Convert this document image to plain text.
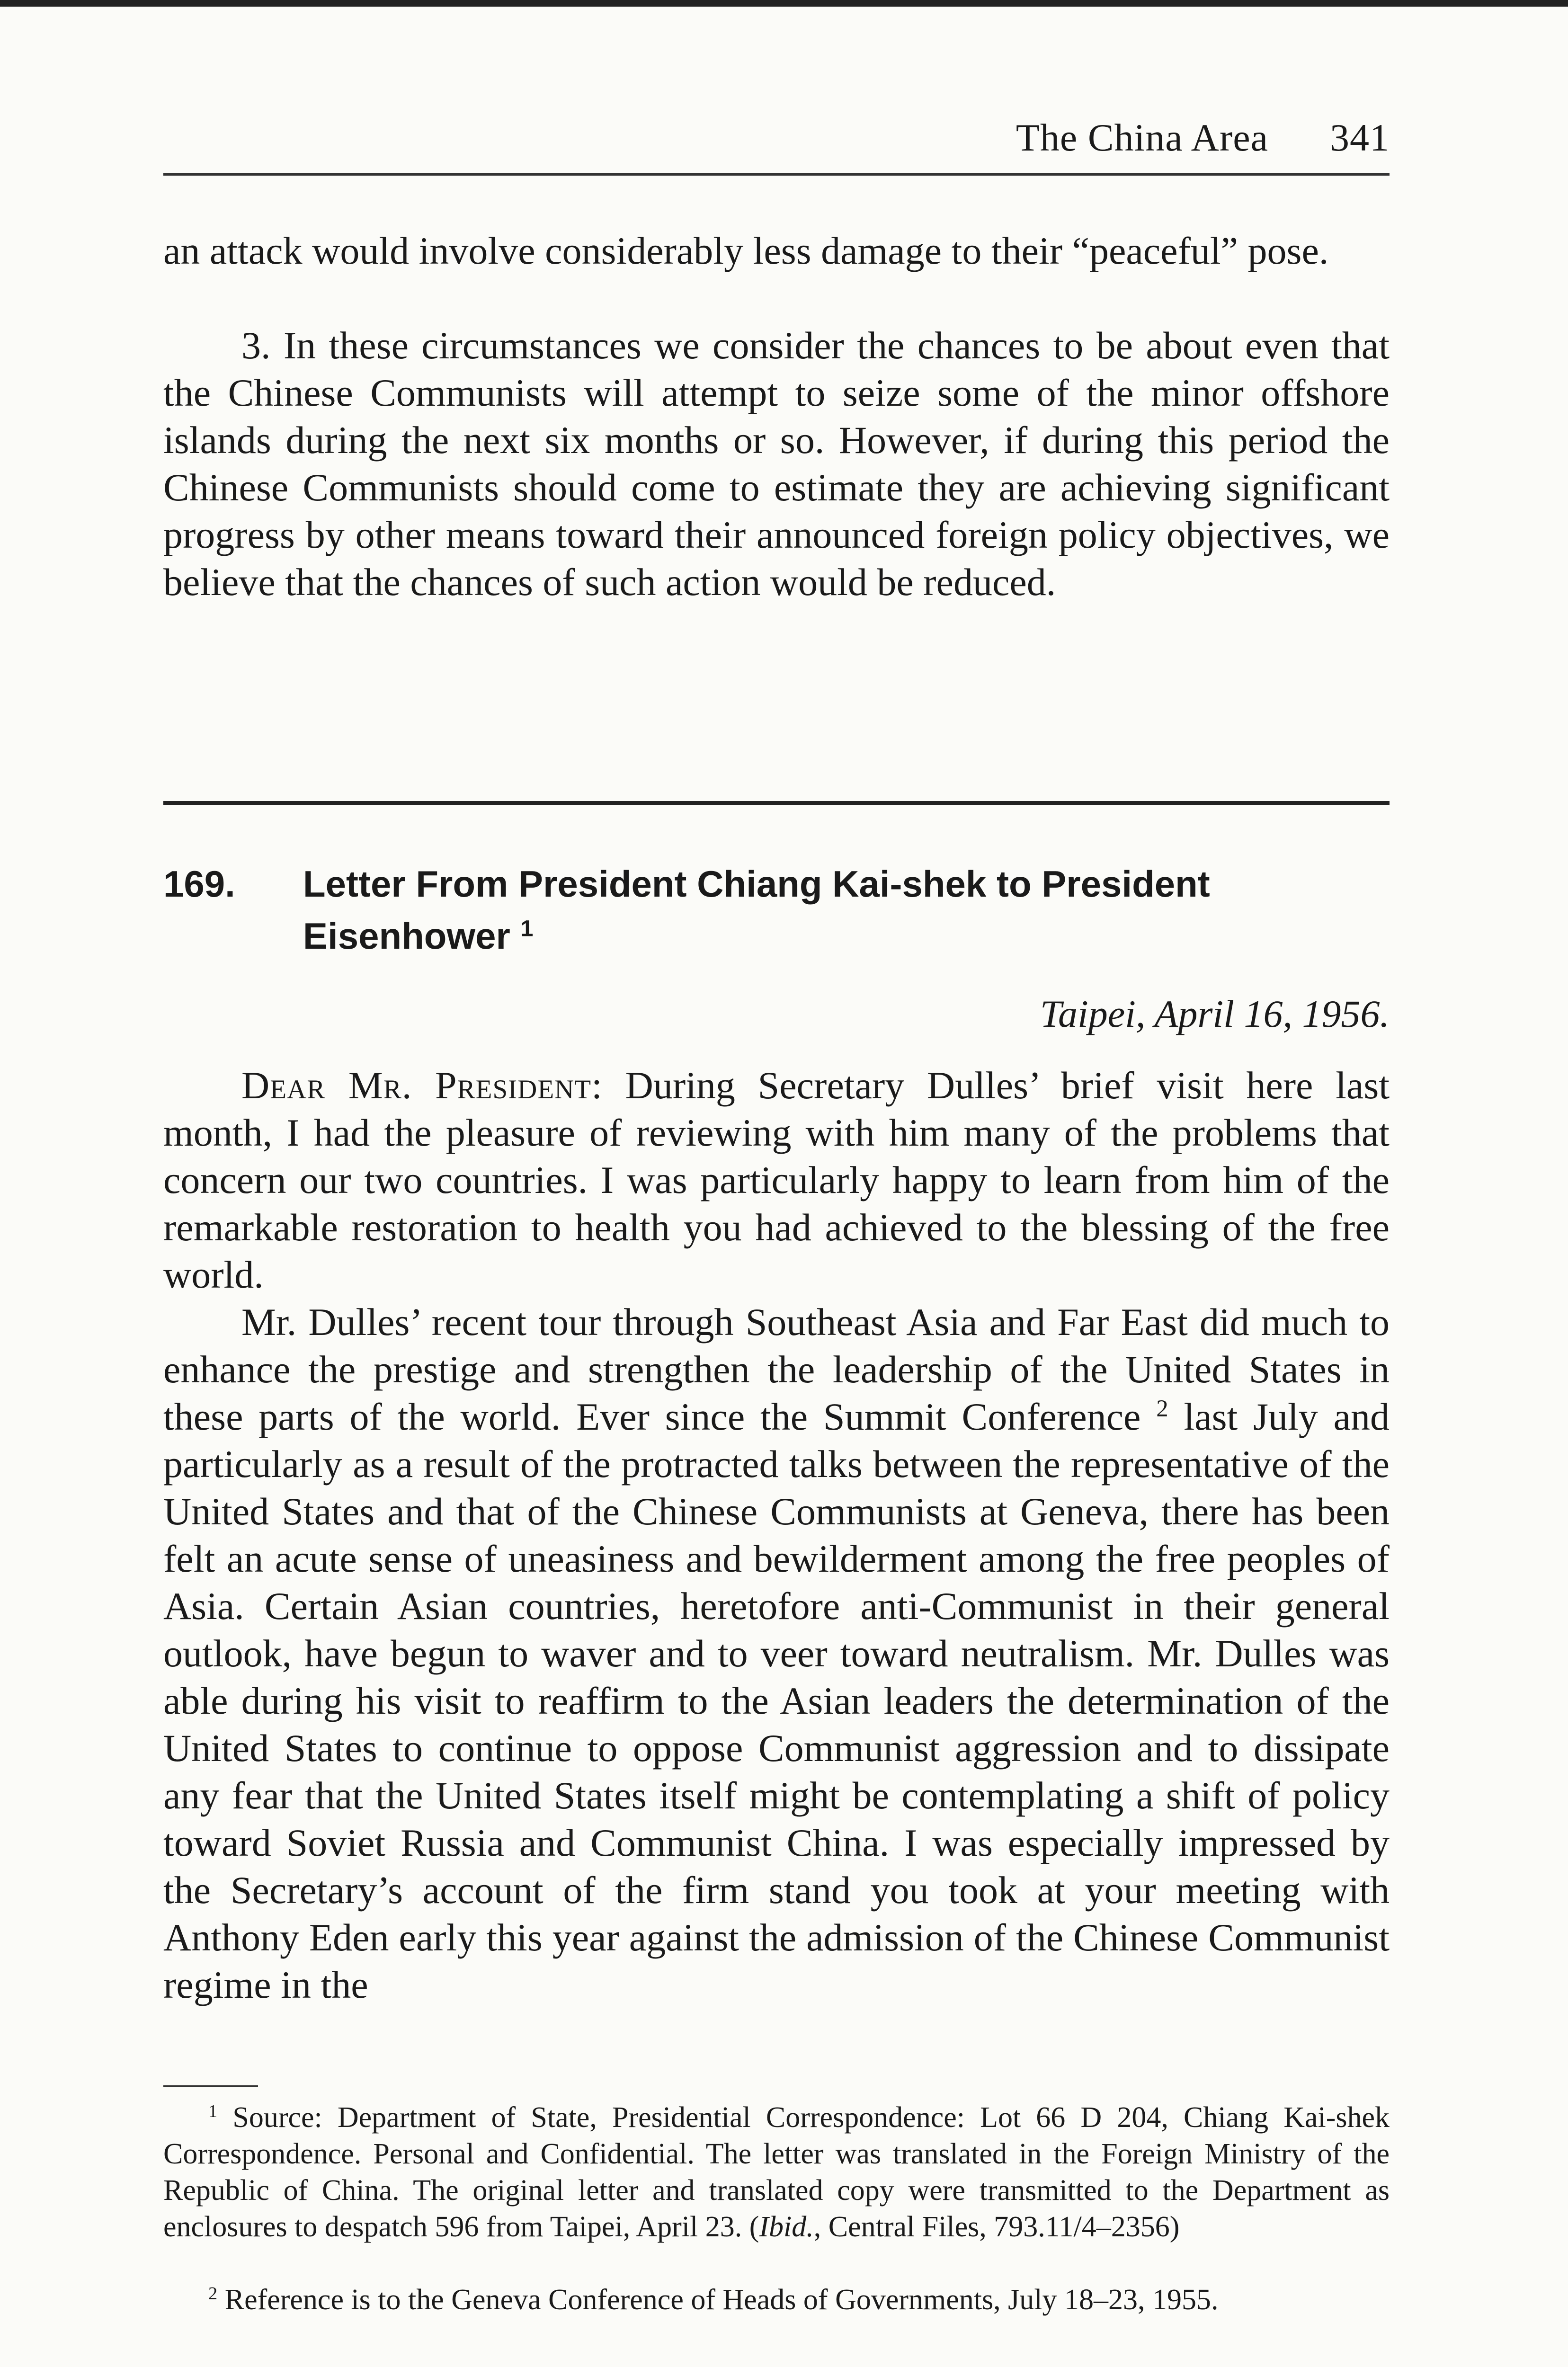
The China Area 341

an attack would involve considerably less damage to their “peaceful” pose.

3. In these circumstances we consider the chances to be about even that the Chinese Communists will attempt to seize some of the minor offshore islands during the next six months or so. However, if during this period the Chinese Communists should come to estimate they are achieving significant progress by other means toward their announced foreign policy objectives, we believe that the chances of such action would be reduced.

169. Letter From President Chiang Kai-shek to President Eisenhower $^1$
Taipei, April 16, 1956.

Dear Mr. President: During Secretary Dulles’ brief visit here last month, I had the pleasure of reviewing with him many of the problems that concern our two countries. I was particularly happy to learn from him of the remarkable restoration to health you had achieved to the blessing of the free world.

Mr. Dulles’ recent tour through Southeast Asia and Far East did much to enhance the prestige and strengthen the leadership of the United States in these parts of the world. Ever since the Summit Conference $^2$ last July and particularly as a result of the protracted talks between the representative of the United States and that of the Chinese Communists at Geneva, there has been felt an acute sense of uneasiness and bewilderment among the free peoples of Asia. Certain Asian countries, heretofore anti-Communist in their general outlook, have begun to waver and to veer toward neutralism. Mr. Dulles was able during his visit to reaffirm to the Asian leaders the determination of the United States to continue to oppose Communist aggression and to dissipate any fear that the United States itself might be contemplating a shift of policy toward Soviet Russia and Communist China. I was especially impressed by the Secretary’s account of the firm stand you took at your meeting with Anthony Eden early this year against the admission of the Chinese Communist regime in the

$^1$ Source: Department of State, Presidential Correspondence: Lot 66 D 204, Chiang Kai-shek Correspondence. Personal and Confidential. The letter was translated in the Foreign Ministry of the Republic of China. The original letter and translated copy were transmitted to the Department as enclosures to despatch 596 from Taipei, April 23. (Ibid., Central Files, 793.11/4–2356)

$^2$ Reference is to the Geneva Conference of Heads of Governments, July 18–23, 1955.
